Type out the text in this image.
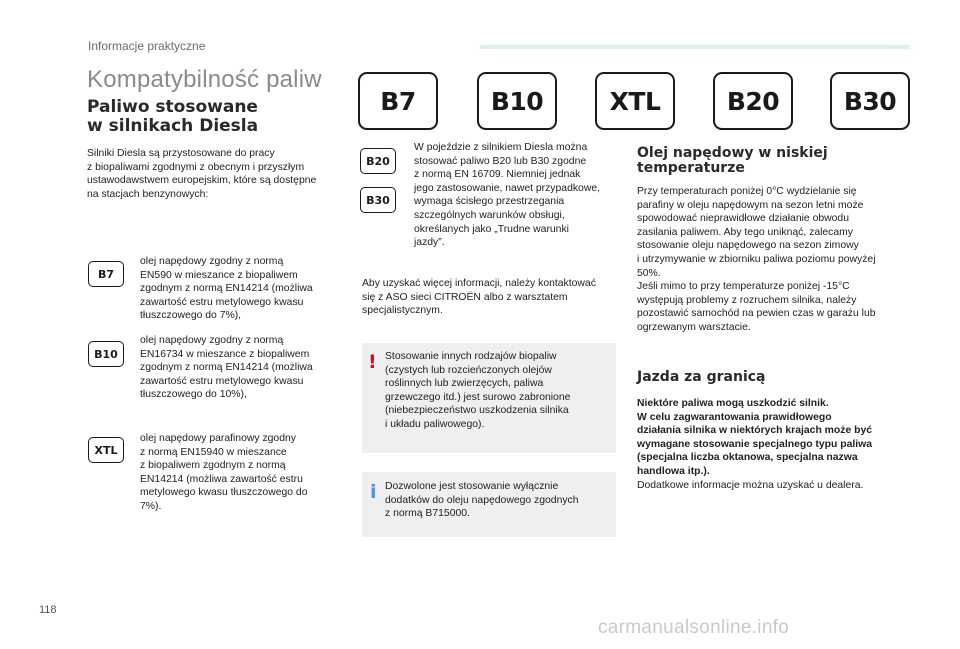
Informacje praktyczne
Kompatybilność paliw
B7	B10	XTL	B20	B30
Paliwo stosowane
w silnikach Diesla
Silniki Diesla są przystosowane do pracy
z biopaliwami zgodnymi z obecnym i przyszłym
ustawodawstwem europejskim, które są dostępne
na stacjach benzynowych:
B7
olej napędowy zgodny z normą
EN590 w mieszance z biopaliwem
zgodnym z normą EN14214 (możliwa
zawartość estru metylowego kwasu
tłuszczowego do 7%),
B10
olej napędowy zgodny z normą
EN16734 w mieszance z biopaliwem
zgodnym z normą EN14214 (możliwa
zawartość estru metylowego kwasu
tłuszczowego do 10%),
XTL
olej napędowy parafinowy zgodny
z normą EN15940 w mieszance
z biopaliwem zgodnym z normą
EN14214 (możliwa zawartość estru
metylowego kwasu tłuszczowego do
7%).
B20
B30
W pojeździe z silnikiem Diesla można
stosować paliwo B20 lub B30 zgodne
z normą EN 16709. Niemniej jednak
jego zastosowanie, nawet przypadkowe,
wymaga ścisłego przestrzegania
szczególnych warunków obsługi,
określanych jako „Trudne warunki
jazdy”.
Aby uzyskać więcej informacji, należy kontaktować
się z ASO sieci CITROËN albo z warsztatem
specjalistycznym.
! Stosowanie innych rodzajów biopaliw
(czystych lub rozcieńczonych olejów
roślinnych lub zwierzęcych, paliwa
grzewczego itd.) jest surowo zabronione
(niebezpieczeństwo uszkodzenia silnika
i układu paliwowego).
i Dozwolone jest stosowanie wyłącznie
dodatków do oleju napędowego zgodnych
z normą B715000.
Olej napędowy w niskiej
temperaturze
Przy temperaturach poniżej 0°C wydzielanie się
parafiny w oleju napędowym na sezon letni może
spowodować nieprawidłowe działanie obwodu
zasilania paliwem. Aby tego uniknąć, zalecamy
stosowanie oleju napędowego na sezon zimowy
i utrzymywanie w zbiorniku paliwa poziomu powyżej
50%.
Jeśli mimo to przy temperaturze poniżej -15°C
występują problemy z rozruchem silnika, należy
pozostawić samochód na pewien czas w garażu lub
ogrzewanym warsztacie.
Jazda za granicą
Niektóre paliwa mogą uszkodzić silnik.
W celu zagwarantowania prawidłowego
działania silnika w niektórych krajach może być
wymagane stosowanie specjalnego typu paliwa
(specjalna liczba oktanowa, specjalna nazwa
handlowa itp.).
Dodatkowe informacje można uzyskać u dealera.
118
carmanualsonline.info
